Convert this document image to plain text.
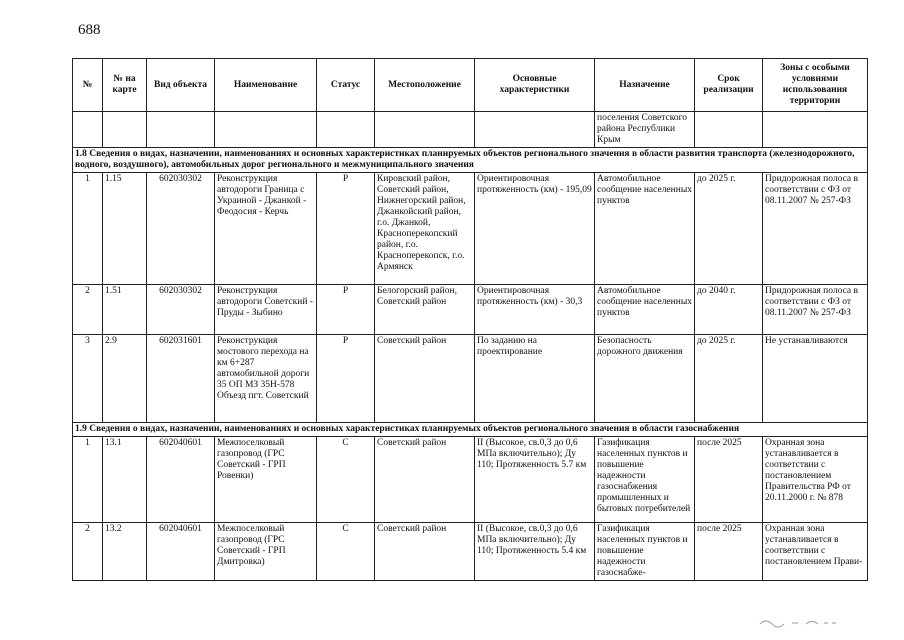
688
№	№ на карте	Вид объекта	Наименование	Статус	Местоположение	Основные характеристики	Назначение	Срок реализации	Зоны с особыми условиями использования территории
							поселения Советского района Республики Крым		
1.8 Сведения о видах, назначении, наименованиях и основных характеристиках планируемых объектов регионального значения в области развития транспорта (железнодорожного, водного, воздушного), автомобильных дорог регионального и межмуниципального значения									
1	1.15	602030302	Реконструкция автодороги Граница с Украиной - Джанкой - Феодосия - Керчь	Р	Кировский район, Советский район, Нижнегорский район, Джанкойский район, г.о. Джанкой, Красноперекопский район, г.о. Красноперекопск, г.о. Армянск	Ориентировочная протяженность (км) - 195,09	Автомобильное сообщение населенных пунктов	до 2025 г.	Придорожная полоса в соответствии с ФЗ от 08.11.2007 № 257-ФЗ
2	1.51	602030302	Реконструкция автодороги Советский - Пруды - Зыбино	Р	Белогорский район, Советский район	Ориентировочная протяженность (км) - 30,3	Автомобильное сообщение населенных пунктов	до 2040 г.	Придорожная полоса в соответствии с ФЗ от 08.11.2007 № 257-ФЗ
3	2.9	602031601	Реконструкция мостового перехода на км 6+287 автомобильной дороги 35 ОП МЗ 35Н-578 Объезд пгт. Советский	Р	Советский район	По заданию на проектирование	Безопасность дорожного движения	до 2025 г.	Не устанавливаются
1.9 Сведения о видах, назначении, наименованиях и основных характеристиках планируемых объектов регионального значения в области газоснабжения									
1	13.1	602040601	Межпоселковый газопровод (ГРС Советский - ГРП Ровенки)	С	Советский район	II (Высокое, св.0,3 до 0,6 МПа включительно); Ду 110; Протяженность 5.7 км	Газификация населенных пунктов и повышение надежности газоснабжения промышленных и бытовых потребителей	после 2025	Охранная зона устанавливается в соответствии с постановлением Правительства РФ от 20.11.2000 г. № 878
2	13.2	602040601	Межпоселковый газопровод (ГРС Советский - ГРП Дмитровка)	С	Советский район	II (Высокое, св.0,3 до 0,6 МПа включительно); Ду 110; Протяженность 5.4 км	Газификация населенных пунктов и повышение надежности газоснабже-	после 2025	Охранная зона устанавливается в соответствии с постановлением Прави-
